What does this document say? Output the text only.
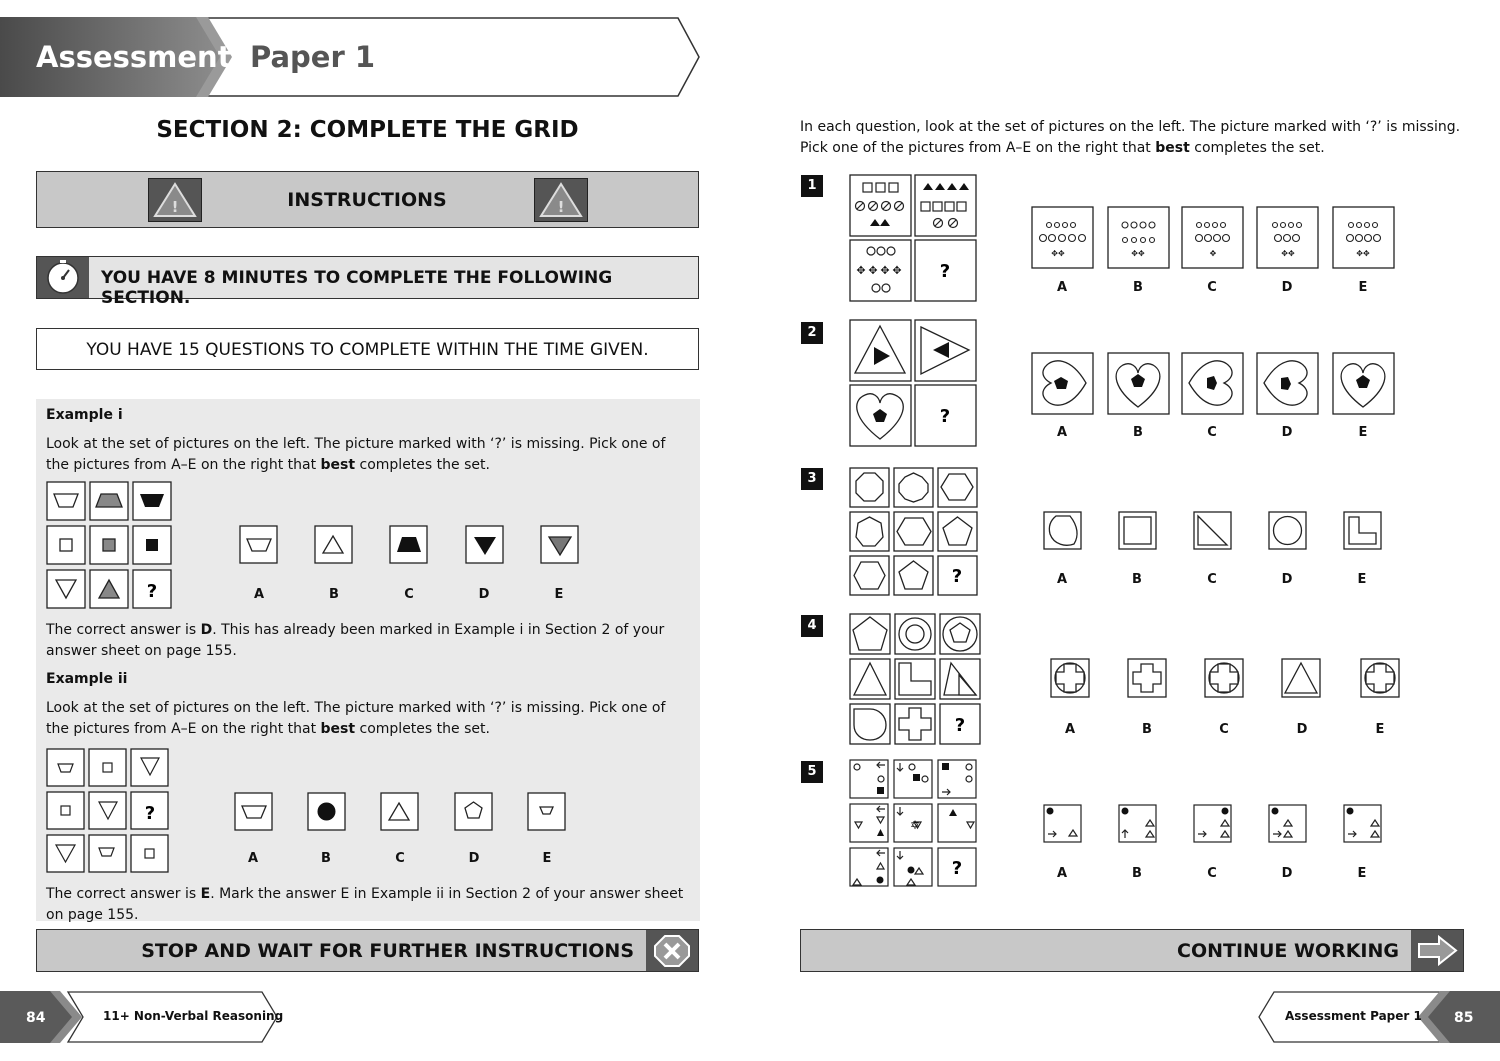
Assessment Paper 1
SECTION 2: COMPLETE THE GRID
!	INSTRUCTIONS	!
YOU HAVE 8 MINUTES TO COMPLETE THE FOLLOWING SECTION.
YOU HAVE 15 QUESTIONS TO COMPLETE WITHIN THE TIME GIVEN.
Example i
Look at the set of pictures on the left. The picture marked with ‘?’ is missing. Pick one of the pictures from A–E on the right that best completes the set.
?	A	B	C	D	E
The correct answer is D. This has already been marked in Example i in Section 2 of your answer sheet on page 155.
Example ii
Look at the set of pictures on the left. The picture marked with ‘?’ is missing. Pick one of the pictures from A–E on the right that best completes the set.
?
A	B	C	D	E
The correct answer is E. Mark the answer E in Example ii in Section 2 of your answer sheet on page 155.
STOP AND WAIT FOR FURTHER INSTRUCTIONS
In each question, look at the set of pictures on the left. The picture marked with ‘?’ is missing. Pick one of the pictures from A–E on the right that best completes the set.
1
2
3
4
5
✥ ✥ ✥ ✥ ?
✥✥	✥✥	✥	✥✥	✥✥
A	B	C	D	E
?
A	B	C	D	E
?	A	B	C	D	E
?	A	B	C	D	E
✡
?	A	B	C	D	E
CONTINUE WORKING
84	11+ Non-Verbal Reasoning	Assessment Paper 1 85
